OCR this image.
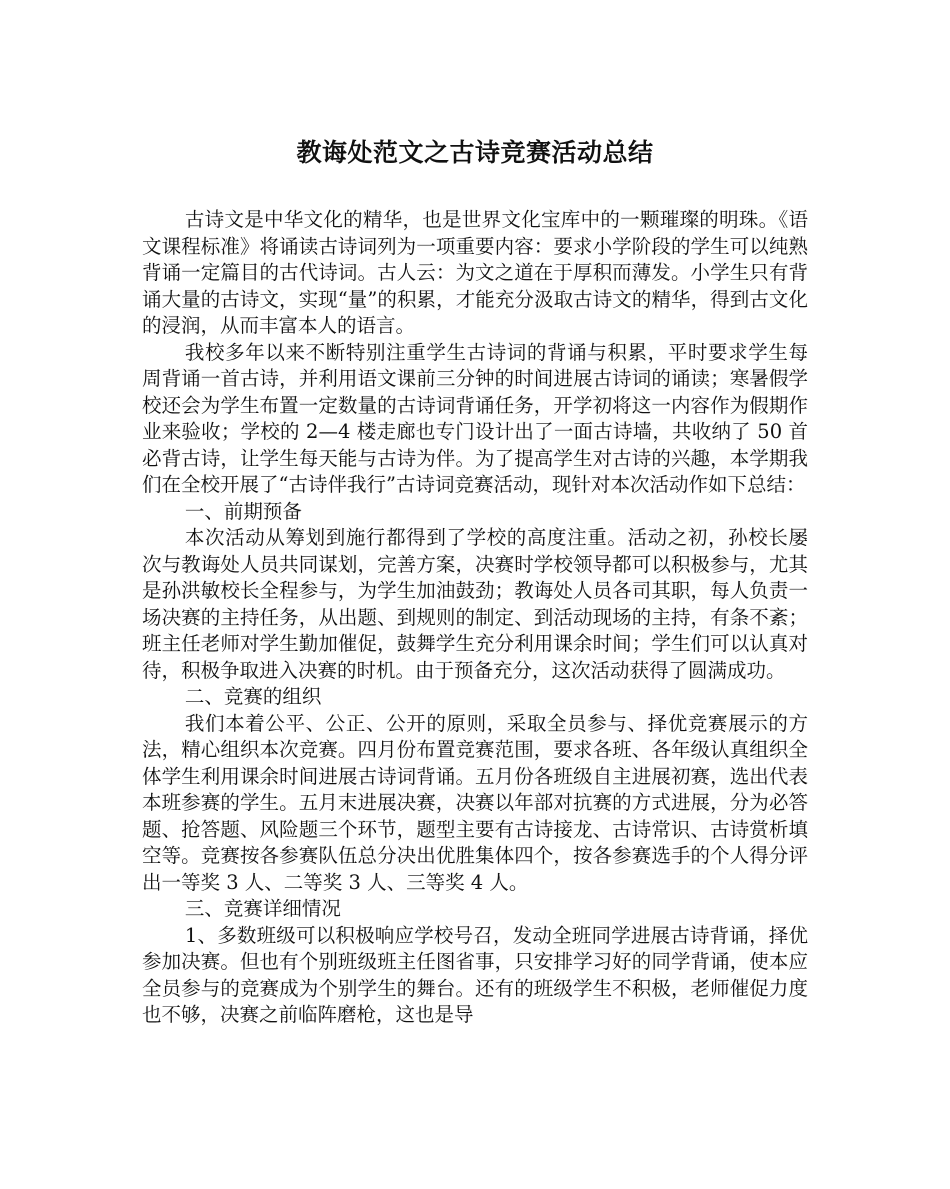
教诲处范文之古诗竞赛活动总结

古诗文是中华文化的精华，也是世界文化宝库中的一颗璀璨的明珠。《语文课程标准》将诵读古诗词列为一项重要内容：要求小学阶段的学生可以纯熟背诵一定篇目的古代诗词。古人云：为文之道在于厚积而薄发。小学生只有背诵大量的古诗文，实现“量”的积累，才能充分汲取古诗文的精华，得到古文化的浸润，从而丰富本人的语言。

我校多年以来不断特别注重学生古诗词的背诵与积累，平时要求学生每周背诵一首古诗，并利用语文课前三分钟的时间进展古诗词的诵读；寒暑假学校还会为学生布置一定数量的古诗词背诵任务，开学初将这一内容作为假期作业来验收；学校的 2—4 楼走廊也专门设计出了一面古诗墙，共收纳了 50 首必背古诗，让学生每天能与古诗为伴。为了提高学生对古诗的兴趣，本学期我们在全校开展了“古诗伴我行”古诗词竞赛活动，现针对本次活动作如下总结：

一、前期预备

本次活动从筹划到施行都得到了学校的高度注重。活动之初，孙校长屡次与教诲处人员共同谋划，完善方案，决赛时学校领导都可以积极参与，尤其是孙洪敏校长全程参与，为学生加油鼓劲；教诲处人员各司其职，每人负责一场决赛的主持任务，从出题、到规则的制定、到活动现场的主持，有条不紊；班主任老师对学生勤加催促，鼓舞学生充分利用课余时间；学生们可以认真对待，积极争取进入决赛的时机。由于预备充分，这次活动获得了圆满成功。

二、竞赛的组织

我们本着公平、公正、公开的原则，采取全员参与、择优竞赛展示的方法，精心组织本次竞赛。四月份布置竞赛范围，要求各班、各年级认真组织全体学生利用课余时间进展古诗词背诵。五月份各班级自主进展初赛，选出代表本班参赛的学生。五月末进展决赛，决赛以年部对抗赛的方式进展，分为必答题、抢答题、风险题三个环节，题型主要有古诗接龙、古诗常识、古诗赏析填空等。竞赛按各参赛队伍总分决出优胜集体四个，按各参赛选手的个人得分评出一等奖 3 人、二等奖 3 人、三等奖 4 人。

三、竞赛详细情况

1、多数班级可以积极响应学校号召，发动全班同学进展古诗背诵，择优参加决赛。但也有个别班级班主任图省事，只安排学习好的同学背诵，使本应全员参与的竞赛成为个别学生的舞台。还有的班级学生不积极，老师催促力度也不够，决赛之前临阵磨枪，这也是导
